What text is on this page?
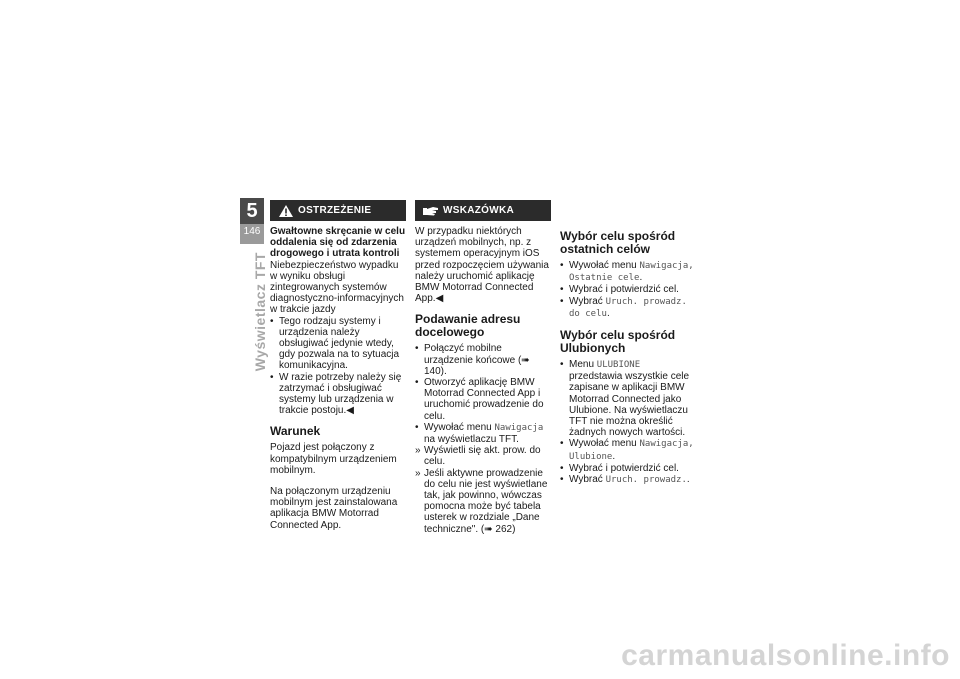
5
146
Wyświetlacz TFT
OSTRZEŻENIE

Gwałtowne skręcanie w celu oddalenia się od zdarzenia drogowego i utrata kontroli

Niebezpieczeństwo wypadku w wyniku obsługi zintegrowanych systemów diagnostyczno-informacyjnych w trakcie jazdy

• Tego rodzaju systemy i urządzenia należy obsługiwać jedynie wtedy, gdy pozwala na to sytuacja komunikacyjna.
• W razie potrzeby należy się zatrzymać i obsługiwać systemy lub urządzenia w trakcie postoju.◀
Warunek

Pojazd jest połączony z kompatybilnym urządzeniem mobilnym.

Na połączonym urządzeniu mobilnym jest zainstalowana aplikacja BMW Motorrad Connected App.

WSKAZÓWKA

W przypadku niektórych urządzeń mobilnych, np. z systemem operacyjnym iOS przed rozpoczęciem używania należy uruchomić aplikację BMW Motorrad Connected App.◀

Podawanie adresu docelowego
• Połączyć mobilne urządzenie końcowe (➠ 140).
• Otworzyć aplikację BMW Motorrad Connected App i uruchomić prowadzenie do celu.
• Wywołać menu Nawigacja na wyświetlaczu TFT.
» Wyświetli się akt. prow. do celu.
» Jeśli aktywne prowadzenie do celu nie jest wyświetlane tak, jak powinno, wówczas pomocna może być tabela usterek w rozdziale „Dane techniczne". (➠ 262)
Wybór celu spośród ostatnich celów
• Wywołać menu Nawigacja, Ostatnie cele.
• Wybrać i potwierdzić cel.
• Wybrać Uruch. prowadz. do celu.
Wybór celu spośród Ulubionych
• Menu ULUBIONE przedstawia wszystkie cele zapisane w aplikacji BMW Motorrad Connected jako Ulubione. Na wyświetlaczu TFT nie można określić żadnych nowych wartości.
• Wywołać menu Nawigacja, Ulubione.
• Wybrać i potwierdzić cel.
• Wybrać Uruch. prowadz..
carmanualsonline.info
